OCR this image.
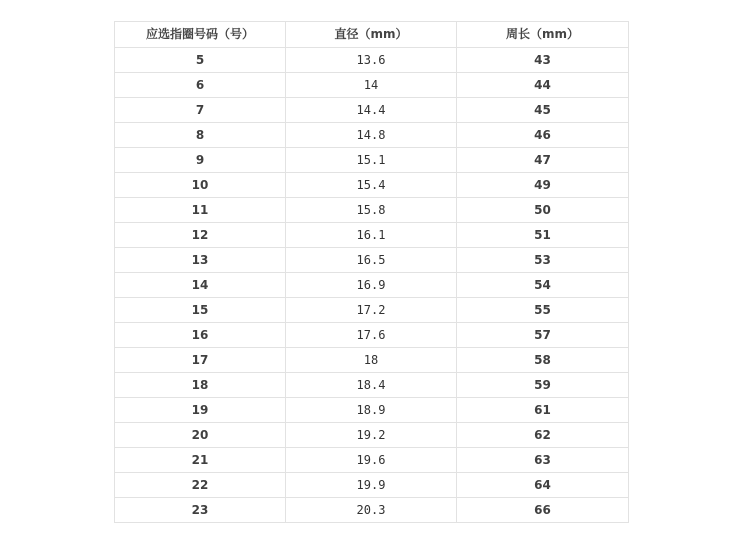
应选指圈号码（号）	直径（mm）	周长（mm）
5	13.6	43
6	14	44
7	14.4	45
8	14.8	46
9	15.1	47
10	15.4	49
11	15.8	50
12	16.1	51
13	16.5	53
14	16.9	54
15	17.2	55
16	17.6	57
17	18	58
18	18.4	59
19	18.9	61
20	19.2	62
21	19.6	63
22	19.9	64
23	20.3	66
